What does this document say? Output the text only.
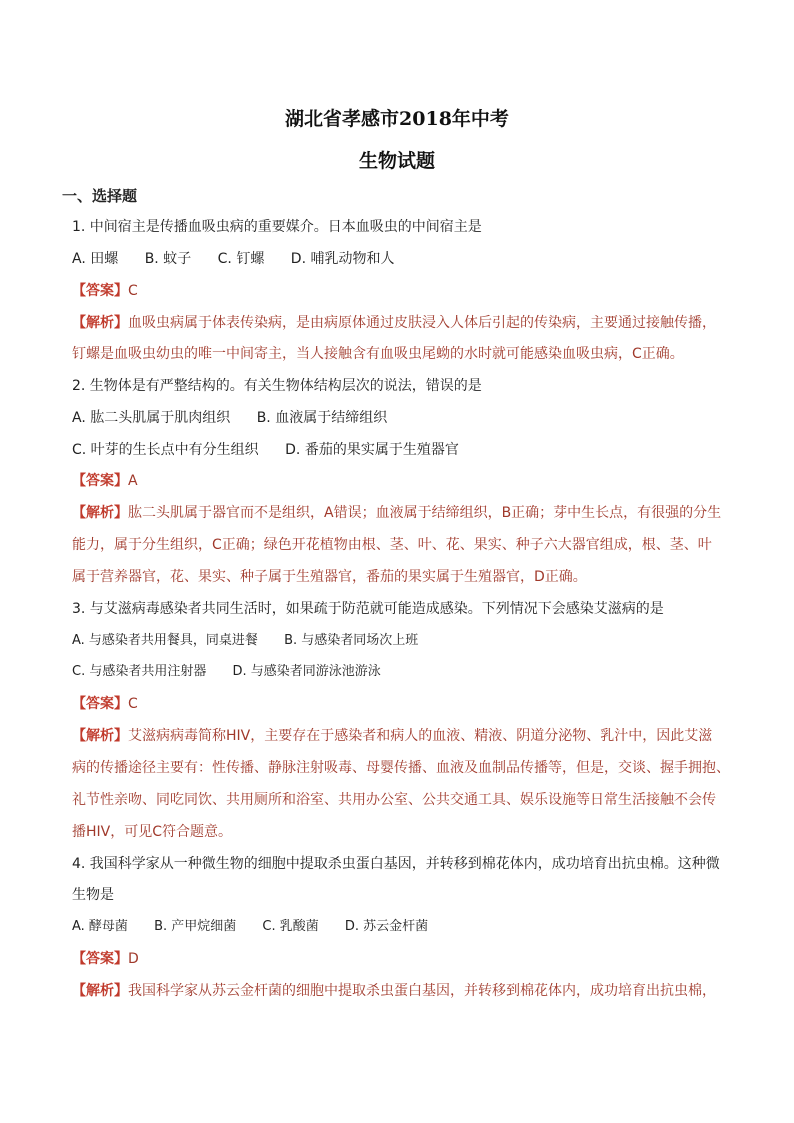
湖北省孝感市2018年中考
生物试题
一、选择题
1. 中间宿主是传播血吸虫病的重要媒介。日本血吸虫的中间宿主是
A. 田螺 B. 蚊子 C. 钉螺 D. 哺乳动物和人
【答案】C
【解析】血吸虫病属于体表传染病，是由病原体通过皮肤浸入人体后引起的传染病，主要通过接触传播，
钉螺是血吸虫幼虫的唯一中间寄主，当人接触含有血吸虫尾蚴的水时就可能感染血吸虫病，C正确。
2. 生物体是有严整结构的。有关生物体结构层次的说法，错误的是
A. 肱二头肌属于肌肉组织 B. 血液属于结缔组织
C. 叶芽的生长点中有分生组织 D. 番茄的果实属于生殖器官
【答案】A
【解析】肱二头肌属于器官而不是组织，A错误；血液属于结缔组织，B正确；芽中生长点，有很强的分生
能力，属于分生组织，C正确；绿色开花植物由根、茎、叶、花、果实、种子六大器官组成，根、茎、叶
属于营养器官，花、果实、种子属于生殖器官，番茄的果实属于生殖器官，D正确。
3. 与艾滋病毒感染者共同生活时，如果疏于防范就可能造成感染。下列情况下会感染艾滋病的是
A. 与感染者共用餐具，同桌进餐 B. 与感染者同场次上班
C. 与感染者共用注射器 D. 与感染者同游泳池游泳
【答案】C
【解析】艾滋病病毒简称HIV，主要存在于感染者和病人的血液、精液、阴道分泌物、乳汁中，因此艾滋
病的传播途径主要有：性传播、静脉注射吸毒、母婴传播、血液及血制品传播等，但是，交谈、握手拥抱、
礼节性亲吻、同吃同饮、共用厕所和浴室、共用办公室、公共交通工具、娱乐设施等日常生活接触不会传
播HIV，可见C符合题意。
4. 我国科学家从一种微生物的细胞中提取杀虫蛋白基因，并转移到棉花体内，成功培育出抗虫棉。这种微
生物是
A. 酵母菌 B. 产甲烷细菌 C. 乳酸菌 D. 苏云金杆菌
【答案】D
【解析】我国科学家从苏云金杆菌的细胞中提取杀虫蛋白基因，并转移到棉花体内，成功培育出抗虫棉，
